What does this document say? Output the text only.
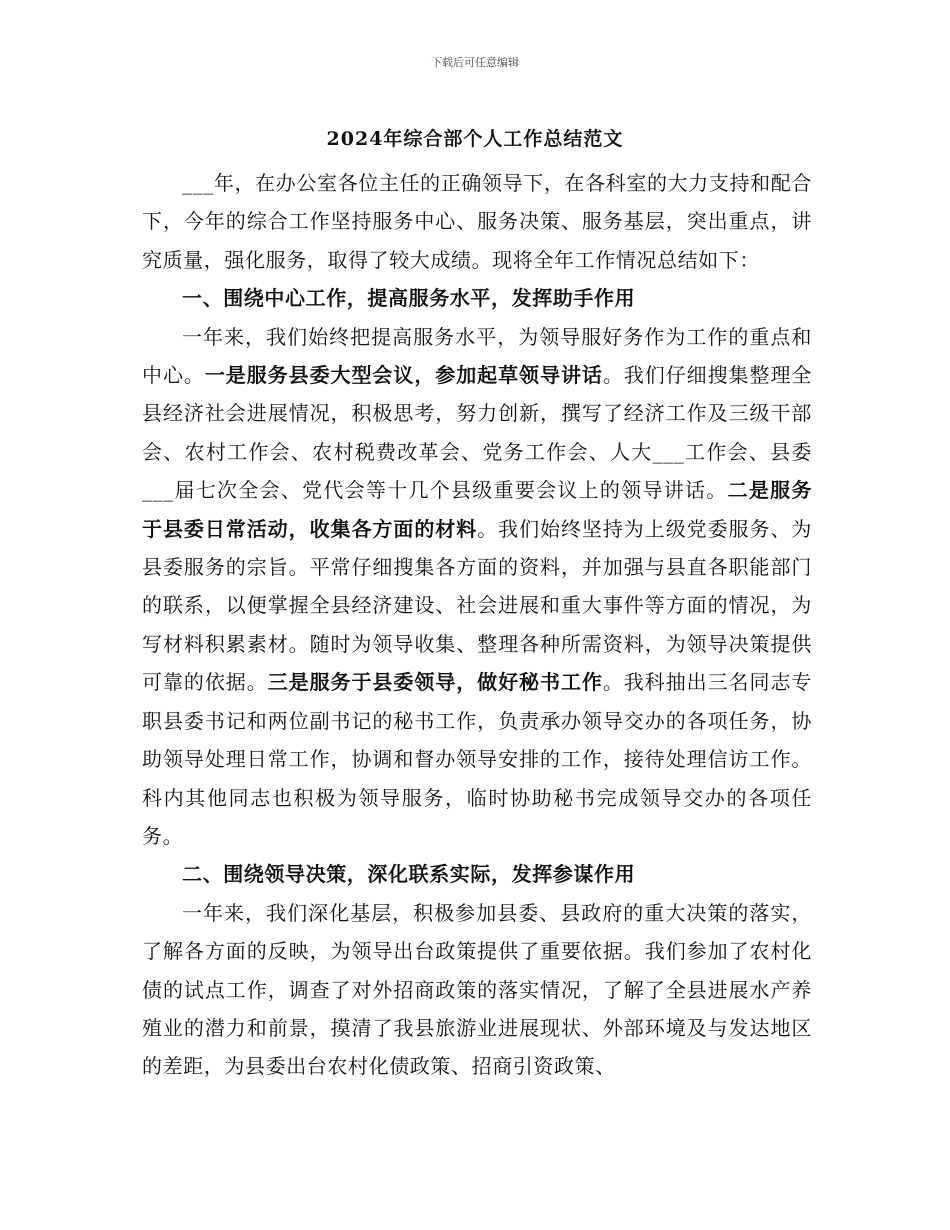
下载后可任意编辑
2024年综合部个人工作总结范文

___年，在办公室各位主任的正确领导下，在各科室的大力支持和配合下，今年的综合工作坚持服务中心、服务决策、服务基层，突出重点，讲究质量，强化服务，取得了较大成绩。现将全年工作情况总结如下：

一、围绕中心工作，提高服务水平，发挥助手作用

一年来，我们始终把提高服务水平，为领导服好务作为工作的重点和中心。一是服务县委大型会议，参加起草领导讲话。我们仔细搜集整理全县经济社会进展情况，积极思考，努力创新，撰写了经济工作及三级干部会、农村工作会、农村税费改革会、党务工作会、人大___工作会、县委___届七次全会、党代会等十几个县级重要会议上的领导讲话。二是服务于县委日常活动，收集各方面的材料。我们始终坚持为上级党委服务、为县委服务的宗旨。平常仔细搜集各方面的资料，并加强与县直各职能部门的联系，以便掌握全县经济建设、社会进展和重大事件等方面的情况，为写材料积累素材。随时为领导收集、整理各种所需资料，为领导决策提供可靠的依据。三是服务于县委领导，做好秘书工作。我科抽出三名同志专职县委书记和两位副书记的秘书工作，负责承办领导交办的各项任务，协助领导处理日常工作，协调和督办领导安排的工作，接待处理信访工作。科内其他同志也积极为领导服务，临时协助秘书完成领导交办的各项任务。

二、围绕领导决策，深化联系实际，发挥参谋作用

一年来，我们深化基层，积极参加县委、县政府的重大决策的落实，了解各方面的反映，为领导出台政策提供了重要依据。我们参加了农村化债的试点工作，调查了对外招商政策的落实情况，了解了全县进展水产养殖业的潜力和前景，摸清了我县旅游业进展现状、外部环境及与发达地区的差距，为县委出台农村化债政策、招商引资政策、
